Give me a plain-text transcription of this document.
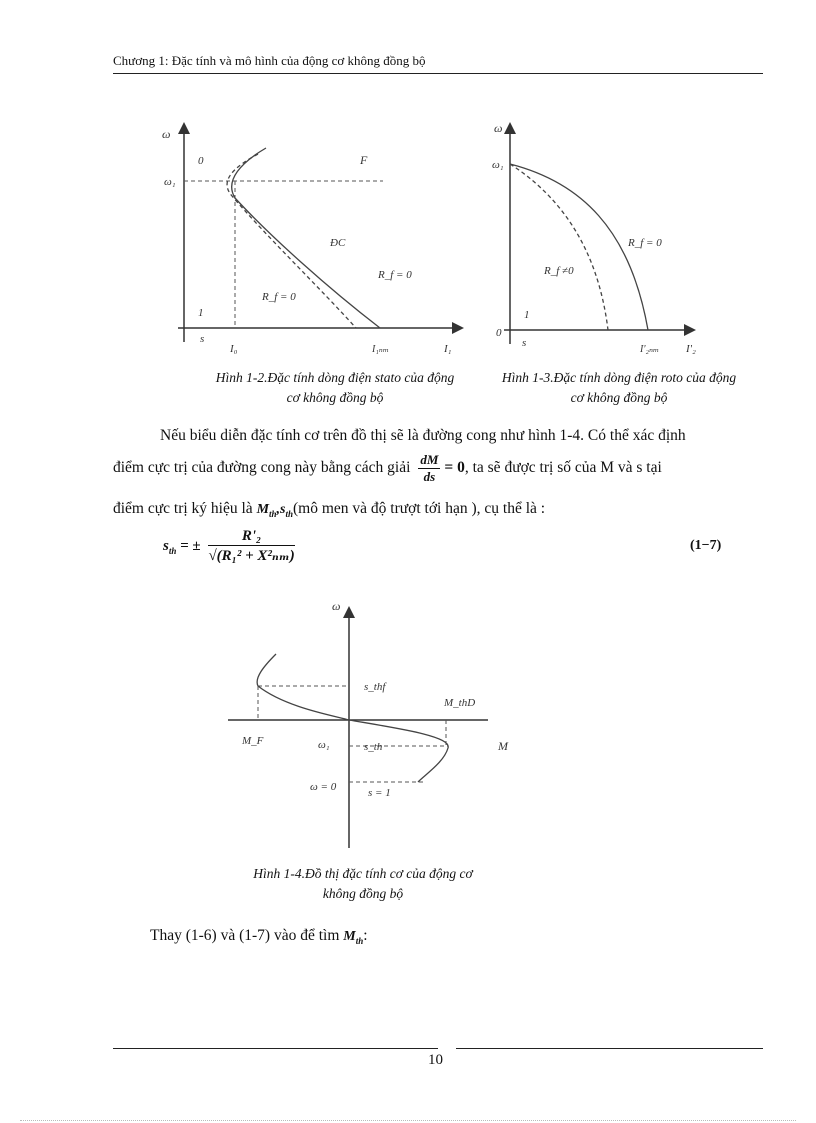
Chương 1: Đặc tính và mô hình của động cơ không đồng bộ
ω
0
1
ω₁
F
ĐC
R_f = 0
R_f = 0
s
I₀	I₁ₙₘ	I₁
Hình 1-2.Đặc tính dòng điện stato của động
cơ không đồng bộ
ω
ω₁
R_f = 0
R_f ≠0
0
1
s
I'₂ₙₘ I'₂
Hình 1-3.Đặc tính dòng điện roto của động
cơ không đồng bộ
Nếu biểu diễn đặc tính cơ trên đồ thị sẽ là đường cong như hình 1-4. Có thể xác định
điểm cực trị của đường cong này bằng cách giải $\frac{dM}{ds} = 0$, ta sẽ được trị số của M và s tại
điểm cực trị ký hiệu là $M_{th},s_{th}(mô$ men và độ trượt tới hạn ), cụ thể là :
$s_{th}$ = ± $\frac{\text{R'₂}}{\text{√(R₁² + X²ₙₘ)}}$	(1−7)
ω
M
s_thf
M_thD
M_F	ω₁	s_th
ω = 0	s = 1
Hình 1-4.Đồ thị đặc tính cơ của động cơ
không đồng bộ
Thay (1-6) và (1-7) vào để tìm $M_{th}$:
10
